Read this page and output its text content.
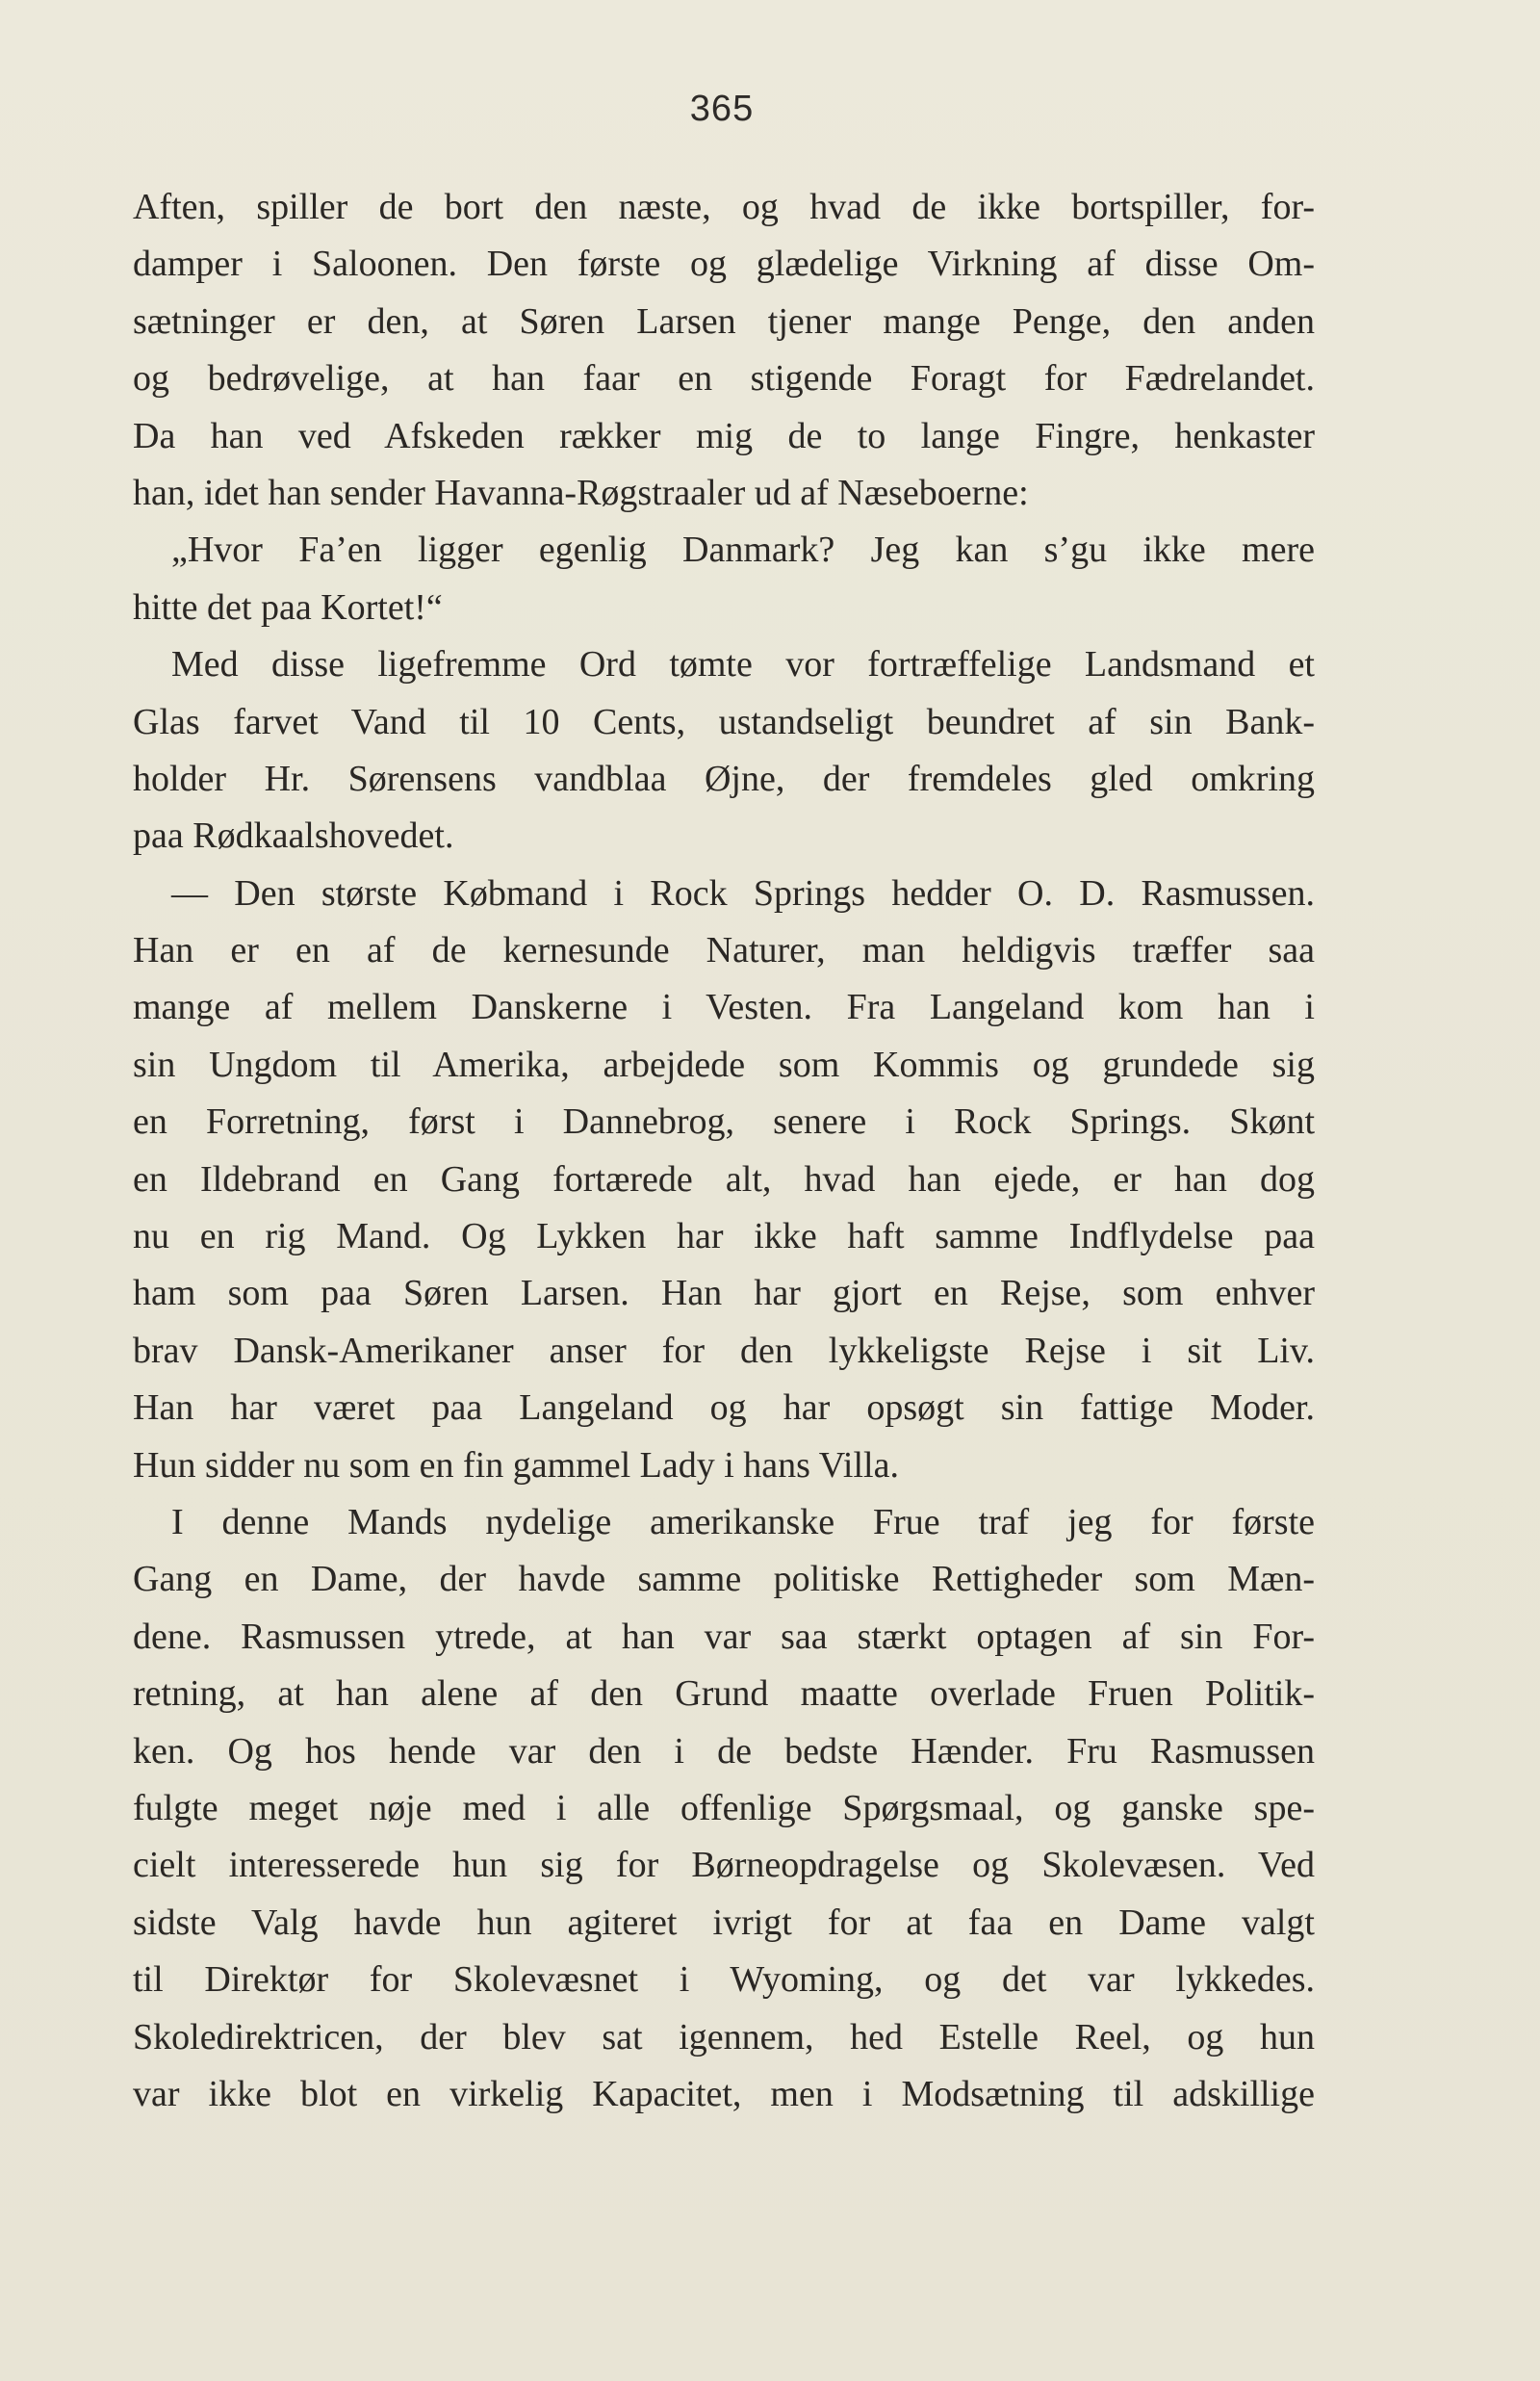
365
Aften, spiller de bort den næste, og hvad de ikke bortspiller, for-
damper i Saloonen. Den første og glædelige Virkning af disse Om-
sætninger er den, at Søren Larsen tjener mange Penge, den anden
og bedrøvelige, at han faar en stigende Foragt for Fædrelandet.
Da han ved Afskeden rækker mig de to lange Fingre, henkaster
han, idet han sender Havanna-Røgstraaler ud af Næseboerne:
„Hvor Fa’en ligger egenlig Danmark? Jeg kan s’gu ikke mere
hitte det paa Kortet!“
Med disse ligefremme Ord tømte vor fortræffelige Landsmand et
Glas farvet Vand til 10 Cents, ustandseligt beundret af sin Bank-
holder Hr. Sørensens vandblaa Øjne, der fremdeles gled omkring
paa Rødkaalshovedet.
— Den største Købmand i Rock Springs hedder O. D. Rasmussen.
Han er en af de kernesunde Naturer, man heldigvis træffer saa
mange af mellem Danskerne i Vesten. Fra Langeland kom han i
sin Ungdom til Amerika, arbejdede som Kommis og grundede sig
en Forretning, først i Dannebrog, senere i Rock Springs. Skønt
en Ildebrand en Gang fortærede alt, hvad han ejede, er han dog
nu en rig Mand. Og Lykken har ikke haft samme Indflydelse paa
ham som paa Søren Larsen. Han har gjort en Rejse, som enhver
brav Dansk-Amerikaner anser for den lykkeligste Rejse i sit Liv.
Han har været paa Langeland og har opsøgt sin fattige Moder.
Hun sidder nu som en fin gammel Lady i hans Villa.
I denne Mands nydelige amerikanske Frue traf jeg for første
Gang en Dame, der havde samme politiske Rettigheder som Mæn-
dene. Rasmussen ytrede, at han var saa stærkt optagen af sin For-
retning, at han alene af den Grund maatte overlade Fruen Politik-
ken. Og hos hende var den i de bedste Hænder. Fru Rasmussen
fulgte meget nøje med i alle offenlige Spørgsmaal, og ganske spe-
cielt interesserede hun sig for Børneopdragelse og Skolevæsen. Ved
sidste Valg havde hun agiteret ivrigt for at faa en Dame valgt
til Direktør for Skolevæsnet i Wyoming, og det var lykkedes.
Skoledirektricen, der blev sat igennem, hed Estelle Reel, og hun
var ikke blot en virkelig Kapacitet, men i Modsætning til adskillige
